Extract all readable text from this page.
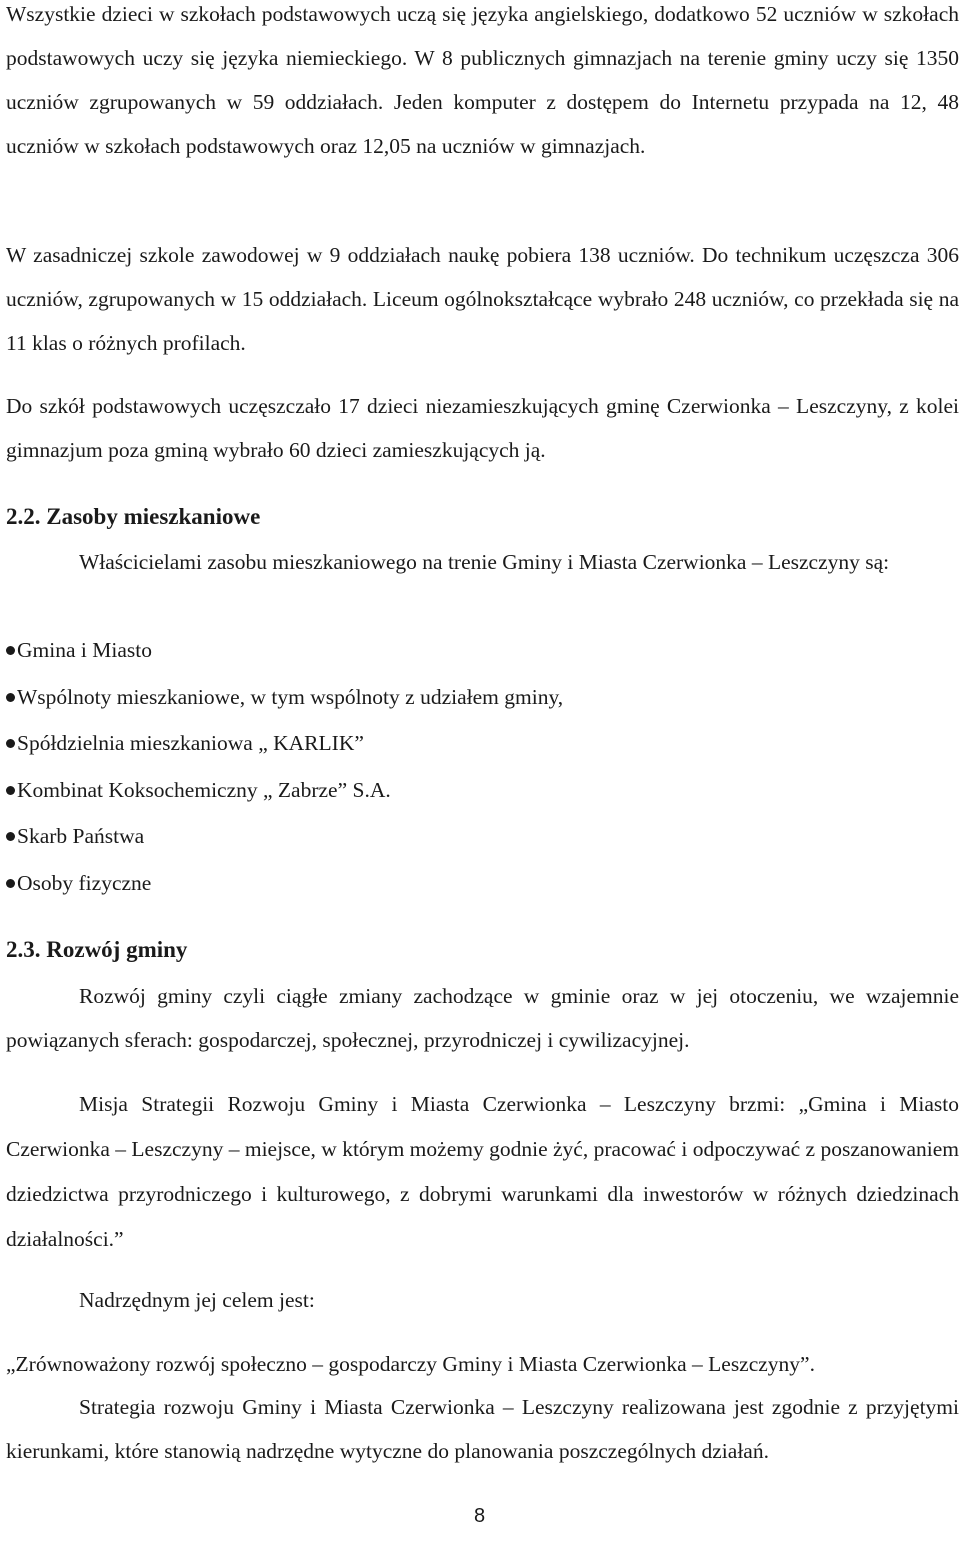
Wszystkie dzieci w szkołach podstawowych uczą się języka angielskiego, dodatkowo 52 uczniów w szkołach podstawowych uczy się języka niemieckiego. W 8 publicznych gimnazjach na terenie gminy uczy się 1350 uczniów zgrupowanych w 59 oddziałach. Jeden komputer z dostępem do Internetu przypada na 12, 48 uczniów w szkołach podstawowych oraz 12,05 na uczniów w gimnazjach.
W zasadniczej szkole zawodowej w 9 oddziałach naukę pobiera 138 uczniów. Do technikum uczęszcza 306 uczniów, zgrupowanych w 15 oddziałach. Liceum ogólnokształcące wybrało 248 uczniów, co przekłada się na 11 klas o różnych profilach.
Do szkół podstawowych uczęszczało 17 dzieci niezamieszkujących gminę Czerwionka – Leszczyny, z kolei gimnazjum poza gminą wybrało 60 dzieci zamieszkujących ją.
2.2. Zasoby mieszkaniowe
Właścicielami zasobu mieszkaniowego na trenie Gminy i Miasta Czerwionka – Leszczyny są:
Gmina i Miasto
Wspólnoty mieszkaniowe, w tym wspólnoty z udziałem gminy,
Spółdzielnia mieszkaniowa „ KARLIK”
Kombinat Koksochemiczny „ Zabrze” S.A.
Skarb Państwa
Osoby fizyczne
2.3. Rozwój gminy
Rozwój gminy czyli ciągłe zmiany zachodzące w gminie oraz w jej otoczeniu, we wzajemnie powiązanych sferach: gospodarczej, społecznej, przyrodniczej i cywilizacyjnej.
Misja Strategii Rozwoju Gminy i Miasta Czerwionka – Leszczyny brzmi: „Gmina i Miasto Czerwionka – Leszczyny – miejsce, w którym możemy godnie żyć, pracować i odpoczywać z poszanowaniem dziedzictwa przyrodniczego i kulturowego, z dobrymi warunkami dla inwestorów w różnych dziedzinach działalności.”
Nadrzędnym jej celem jest:
„Zrównoważony rozwój społeczno – gospodarczy Gminy i Miasta Czerwionka – Leszczyny”.
Strategia rozwoju Gminy i Miasta Czerwionka – Leszczyny realizowana jest zgodnie z przyjętymi kierunkami, które stanowią nadrzędne wytyczne do planowania poszczególnych działań.
8
